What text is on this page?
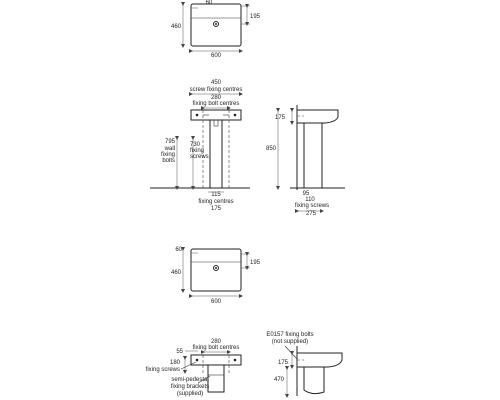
60
195
460
600
450
screw fixing centres
280
fixing bolt centres
795
wall
fixing
bolts
730
fixing
screws
115
fixing centres
175
175
850
95
110
fixing screws
275
60
195
460
600
280
fixing bolt centres
55
180
fixing screws
semi-pedestal
fixing brackets
(supplied)
E0157 fixing bolts
(not supplied)
175
470
